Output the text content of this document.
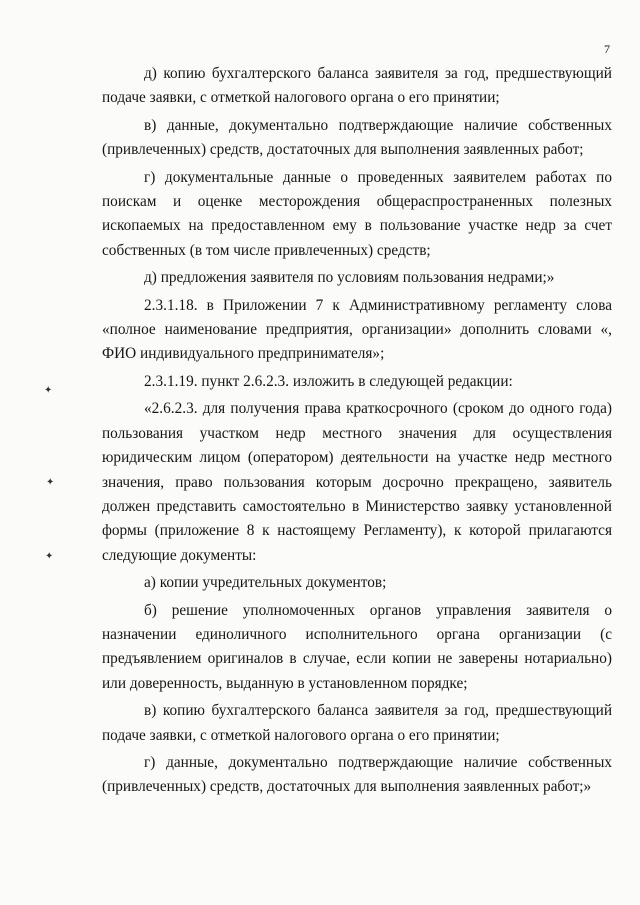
7
✦
✦
✦

д) копию бухгалтерского баланса заявителя за год, предшествующий подаче заявки, с отметкой налогового органа о его принятии;

в) данные, документально подтверждающие наличие собственных (привлеченных) средств, достаточных для выполнения заявленных работ;

г) документальные данные о проведенных заявителем работах по поискам и оценке месторождения общераспространенных полезных ископаемых на предоставленном ему в пользование участке недр за счет собственных (в том числе привлеченных) средств;

д) предложения заявителя по условиям пользования недрами;»

2.3.1.18. в Приложении 7 к Административному регламенту слова «полное наименование предприятия, организации» дополнить словами «, ФИО индивидуального предпринимателя»;

2.3.1.19. пункт 2.6.2.3. изложить в следующей редакции:

«2.6.2.3. для получения права краткосрочного (сроком до одного года) пользования участком недр местного значения для осуществления юридическим лицом (оператором) деятельности на участке недр местного значения, право пользования которым досрочно прекращено, заявитель должен представить самостоятельно в Министерство заявку установленной формы (приложение 8 к настоящему Регламенту), к которой прилагаются следующие документы:

а) копии учредительных документов;

б) решение уполномоченных органов управления заявителя о назначении единоличного исполнительного органа организации (с предъявлением оригиналов в случае, если копии не заверены нотариально) или доверенность, выданную в установленном порядке;

в) копию бухгалтерского баланса заявителя за год, предшествующий подаче заявки, с отметкой налогового органа о его принятии;

г) данные, документально подтверждающие наличие собственных (привлеченных) средств, достаточных для выполнения заявленных работ;»
